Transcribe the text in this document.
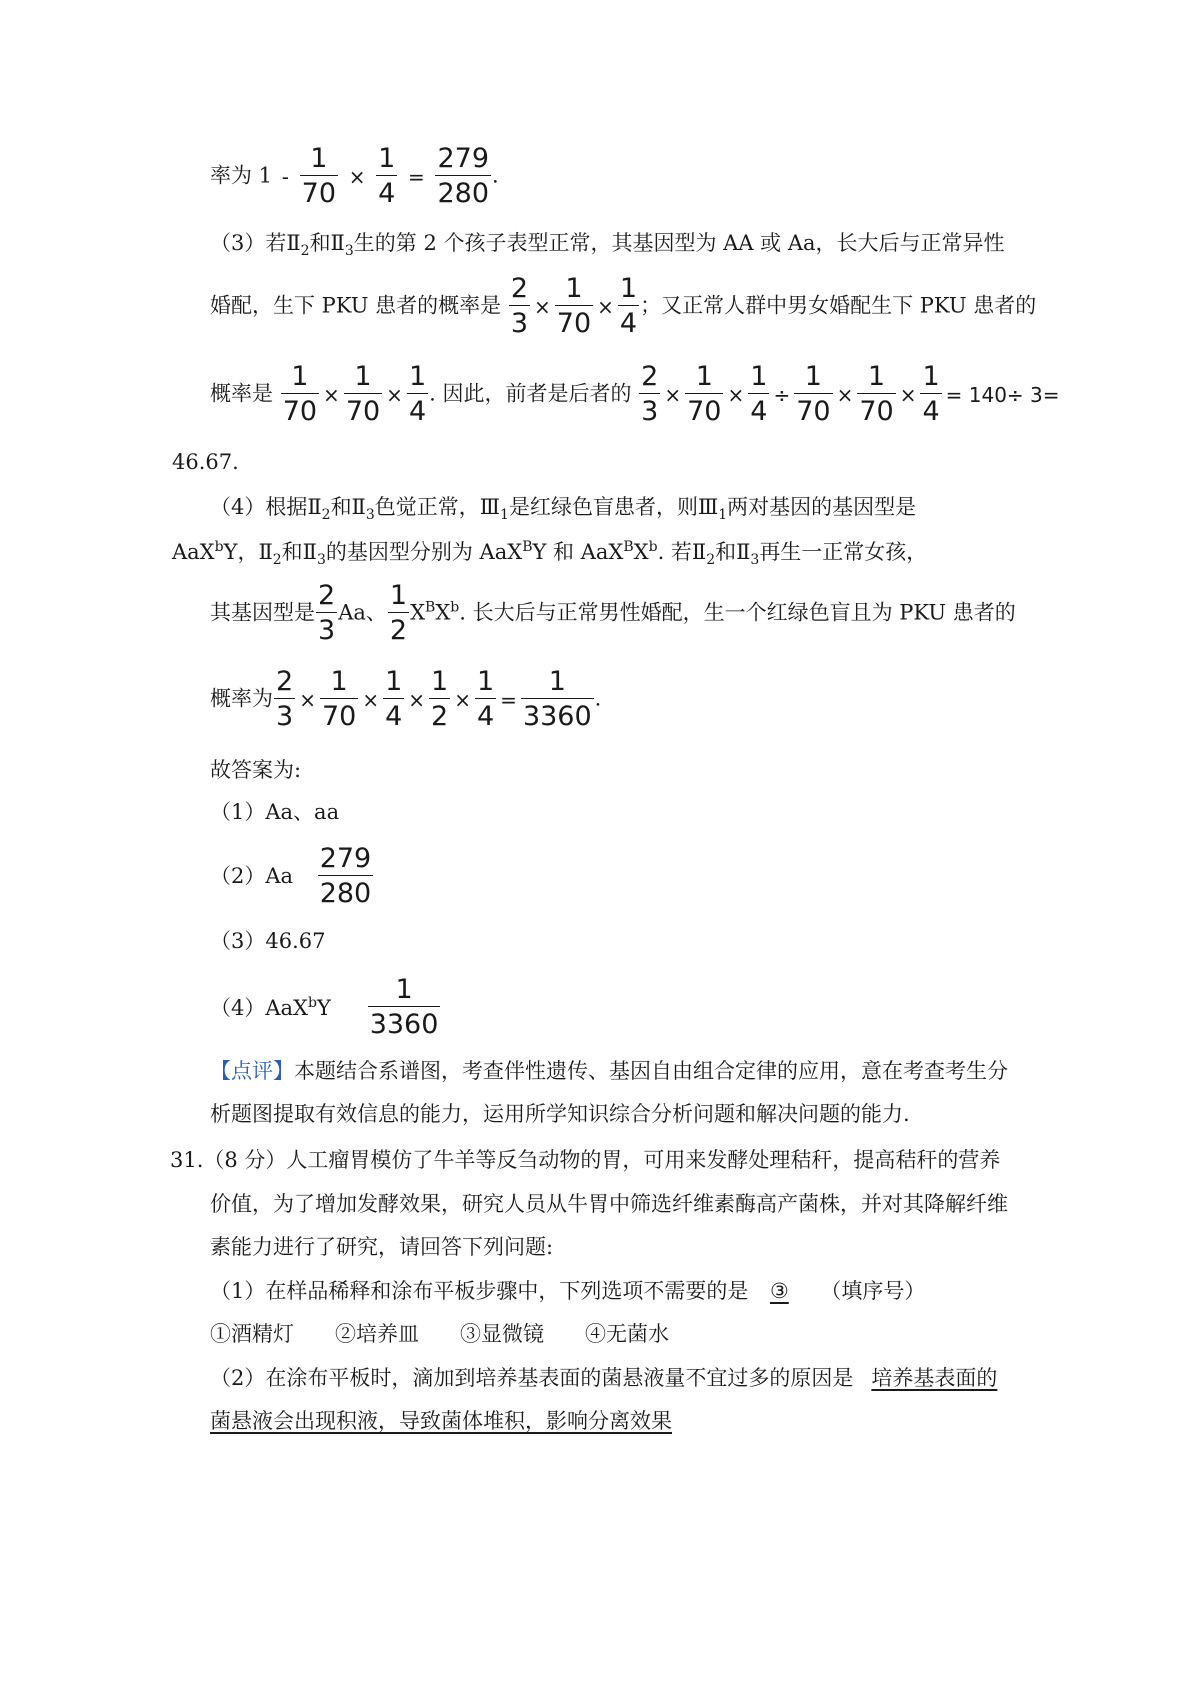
率为 $1 - \frac{1}{70} \times \frac{1}{4} = \frac{279}{280}$ .
（3）若$Ⅱ_2$和$Ⅱ_3$生的第 2 个孩子表型正常，其基因型为 AA 或 Aa，长大后与正常异性
婚配，生下 PKU 患者的概率是 $\frac{2}{3} \times \frac{1}{70} \times \frac{1}{4}$ ；又正常人群中男女婚配生下 PKU 患者的
概率是 $\frac{1}{70} \times \frac{1}{70} \times \frac{1}{4}$ . 因此，前者是后者的 $\frac{2}{3} \times \frac{1}{70} \times \frac{1}{4} \div \frac{1}{70} \times \frac{1}{70} \times \frac{1}{4} = 140\div 3=$
46.67.
（4）根据$Ⅱ_2$和$Ⅱ_3$色觉正常，$Ⅲ_1$是红绿色盲患者，则$Ⅲ_1$两对基因的基因型是
AaX$^b$Y，$Ⅱ_2$和$Ⅱ_3$的基因型分别为 AaX$^B$Y 和 $AaX^BX^b$. 若$Ⅱ_2$和$Ⅱ_3$再生一正常女孩，
其基因型是 $\frac{2}{3}$ Aa、 $\frac{1}{2} X^BX^b$. 长大后与正常男性婚配，生一个红绿色盲且为 PKU 患者的
概率为 $\frac{2}{3} \times \frac{1}{70} \times \frac{1}{4} \times \frac{1}{2} \times \frac{1}{4} = \frac{1}{3360}$ .
故答案为:
（1）Aa、aa
$(2)Aa \frac{279}{280}$
（3）46.67
$(4)AaX^bY \frac{1}{3360}$
【点评】本题结合系谱图，考查伴性遗传、基因自由组合定律的应用，意在考查考生分
析题图提取有效信息的能力，运用所学知识综合分析问题和解决问题的能力.
31.（8 分）人工瘤胃模仿了牛羊等反刍动物的胃，可用来发酵处理秸秆，提高秸秆的营养
价值，为了增加发酵效果，研究人员从牛胃中筛选纤维素酶高产菌株，并对其降解纤维
素能力进行了研究，请回答下列问题:
（1）在样品稀释和涂布平板步骤中，下列选项不需要的是 ③ （填序号）
①酒精灯 ②培养皿 ③显微镜 ④无菌水
（2）在涂布平板时，滴加到培养基表面的菌悬液量不宜过多的原因是 培养基表面的
菌悬液会出现积液，导致菌体堆积，影响分离效果
